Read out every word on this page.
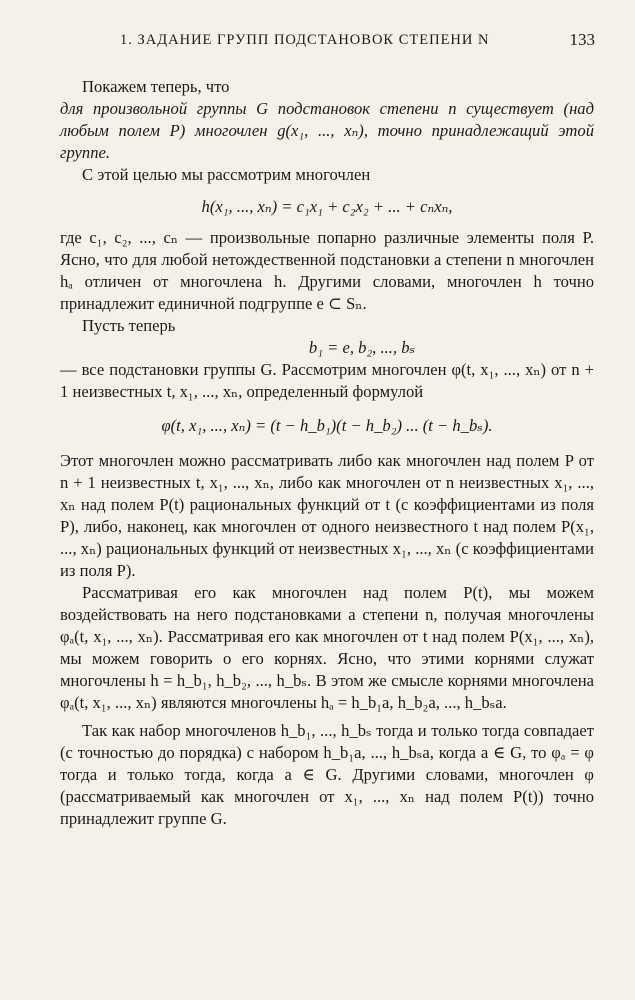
1. ЗАДАНИЕ ГРУПП ПОДСТАНОВОК СТЕПЕНИ N	133

Покажем теперь, что

для произвольной группы G подстановок степени n существует (над любым полем P) многочлен g(x₁, ..., xₙ), точно принадлежащий этой группе.

С этой целью мы рассмотрим многочлен

h(x₁, ..., xₙ) = c₁x₁ + c₂x₂ + ... + cₙxₙ,

где c₁, c₂, ..., cₙ — произвольные попарно различные элементы поля P. Ясно, что для любой нетождественной подстановки a степени n многочлен hₐ отличен от многочлена h. Другими словами, многочлен h точно принадлежит единичной подгруппе e ⊂ Sₙ.

Пусть теперь

b₁ = e, b₂, ..., bₛ

— все подстановки группы G. Рассмотрим многочлен φ(t, x₁, ..., xₙ) от n + 1 неизвестных t, x₁, ..., xₙ, определенный формулой

φ(t, x₁, ..., xₙ) = (t − h_b₁)(t − h_b₂) ... (t − h_bₛ).

Этот многочлен можно рассматривать либо как многочлен над полем P от n + 1 неизвестных t, x₁, ..., xₙ, либо как многочлен от n неизвестных x₁, ..., xₙ над полем P(t) рациональных функций от t (с коэффициентами из поля P), либо, наконец, как многочлен от одного неизвестного t над полем P(x₁, ..., xₙ) рациональных функций от неизвестных x₁, ..., xₙ (с коэффициентами из поля P).

Рассматривая его как многочлен над полем P(t), мы можем воздействовать на него подстановками a степени n, получая многочлены φₐ(t, x₁, ..., xₙ). Рассматривая его как многочлен от t над полем P(x₁, ..., xₙ), мы можем говорить о его корнях. Ясно, что этими корнями служат многочлены h = h_b₁, h_b₂, ..., h_bₛ. В этом же смысле корнями многочлена φₐ(t, x₁, ..., xₙ) являются многочлены hₐ = h_b₁a, h_b₂a, ..., h_bₛa.

Так как набор многочленов h_b₁, ..., h_bₛ тогда и только тогда совпадает (с точностью до порядка) с набором h_b₁a, ..., h_bₛa, когда a ∈ G, то φₐ = φ тогда и только тогда, когда a ∈ G. Другими словами, многочлен φ (рассматриваемый как многочлен от x₁, ..., xₙ над полем P(t)) точно принадлежит группе G.
